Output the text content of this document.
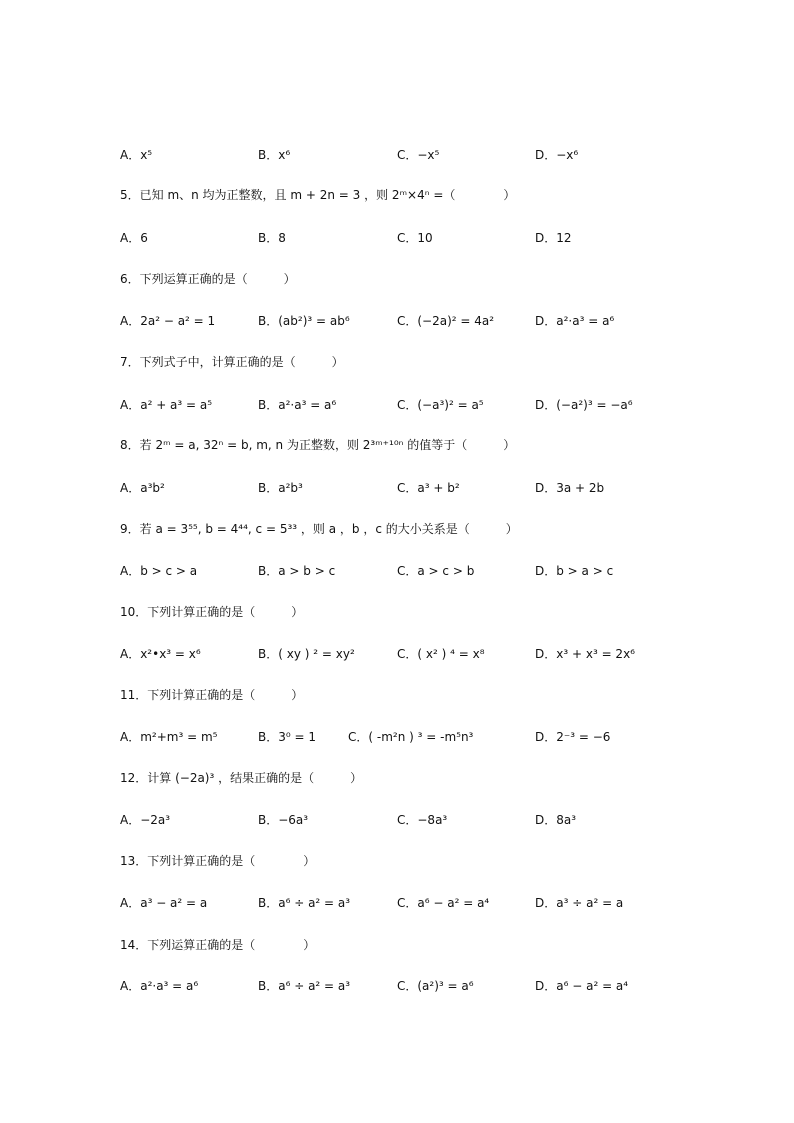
A．x⁵	B．x⁶	C．−x⁵	D．−x⁶
5．已知 m、n 均为正整数，且 m + 2n = 3 ，则 2ᵐ×4ⁿ =（　　　　）
A．6	B．8	C．10	D．12
6．下列运算正确的是（　　　）
A．2a² − a² = 1	B．(ab²)³ = ab⁶	C．(−2a)² = 4a²	D．a²·a³ = a⁶
7．下列式子中，计算正确的是（　　　）
A．a² + a³ = a⁵	B．a²·a³ = a⁶	C．(−a³)² = a⁵	D．(−a²)³ = −a⁶
8．若 2ᵐ = a, 32ⁿ = b, m, n 为正整数，则 2³ᵐ⁺¹⁰ⁿ 的值等于（　　　）
A．a³b²	B．a²b³	C．a³ + b²	D．3a + 2b
9．若 a = 3⁵⁵, b = 4⁴⁴, c = 5³³ ，则 a ，b ，c 的大小关系是（　　　）
A．b > c > a	B．a > b > c	C．a > c > b	D．b > a > c
10．下列计算正确的是（　　　）
A．x²•x³ = x⁶	B．( xy ) ² = xy²	C．( x² ) ⁴ = x⁸	D．x³ + x³ = 2x⁶
11．下列计算正确的是（　　　）
A．m²+m³ = m⁵	B．3⁰ = 1	C．( -m²n ) ³ = -m⁵n³	D．2⁻³ = −6
12．计算 (−2a)³ ，结果正确的是（　　　）
A．−2a³	B．−6a³	C．−8a³	D．8a³
13．下列计算正确的是（　　　　）
A．a³ − a² = a	B．a⁶ ÷ a² = a³	C．a⁶ − a² = a⁴	D．a³ ÷ a² = a
14．下列运算正确的是（　　　　）
A．a²·a³ = a⁶	B．a⁶ ÷ a² = a³	C．(a²)³ = a⁶	D．a⁶ − a² = a⁴
